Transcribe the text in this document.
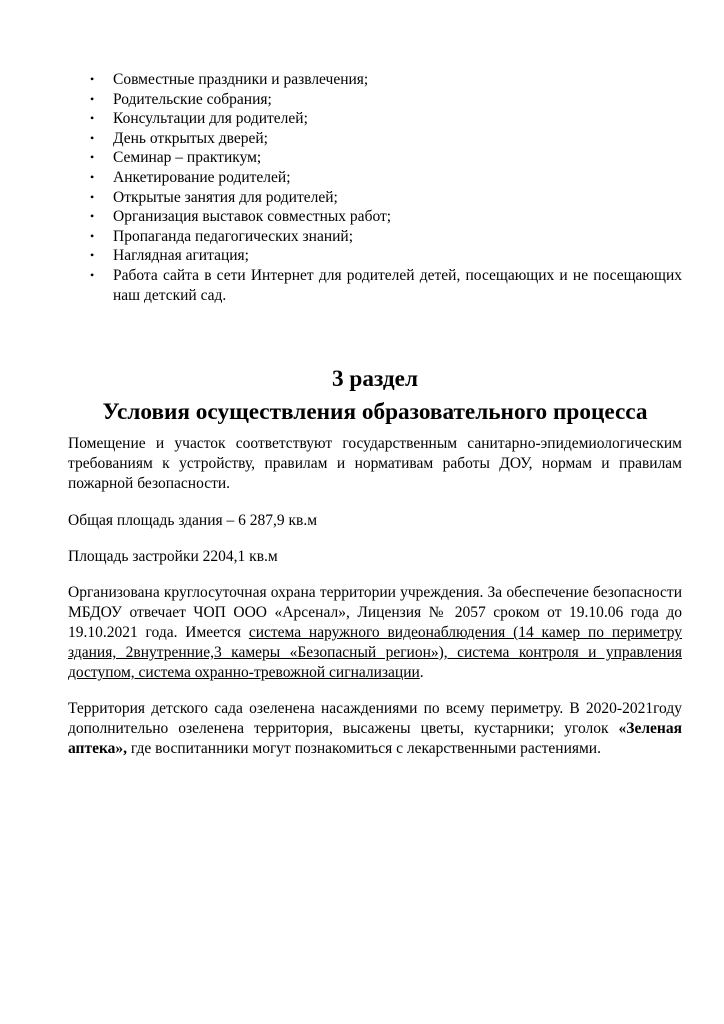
• Совместные праздники и развлечения;
• Родительские собрания;
• Консультации для родителей;
• День открытых дверей;
• Семинар – практикум;
• Анкетирование родителей;
• Открытые занятия для родителей;
• Организация выставок совместных работ;
• Пропаганда педагогических знаний;
• Наглядная агитация;
• Работа сайта в сети Интернет для родителей детей, посещающих и не посещающих наш детский сад.
3 раздел
Условия осуществления образовательного процесса

Помещение и участок соответствуют государственным санитарно-эпидемиологическим требованиям к устройству, правилам и нормативам работы ДОУ, нормам и правилам пожарной безопасности.

Общая площадь здания – 6 287,9 кв.м

Площадь застройки 2204,1 кв.м

Организована круглосуточная охрана территории учреждения. За обеспечение безопасности МБДОУ отвечает ЧОП ООО «Арсенал», Лицензия № 2057 сроком от 19.10.06 года до 19.10.2021 года. Имеется система наружного видеонаблюдения (14 камер по периметру здания, 2внутренние,3 камеры «Безопасный регион»), система контроля и управления доступом, система охранно-тревожной сигнализации.

Территория детского сада озеленена насаждениями по всему периметру. В 2020-2021году дополнительно озеленена территория, высажены цветы, кустарники; уголок «Зеленая аптека», где воспитанники могут познакомиться с лекарственными растениями.
